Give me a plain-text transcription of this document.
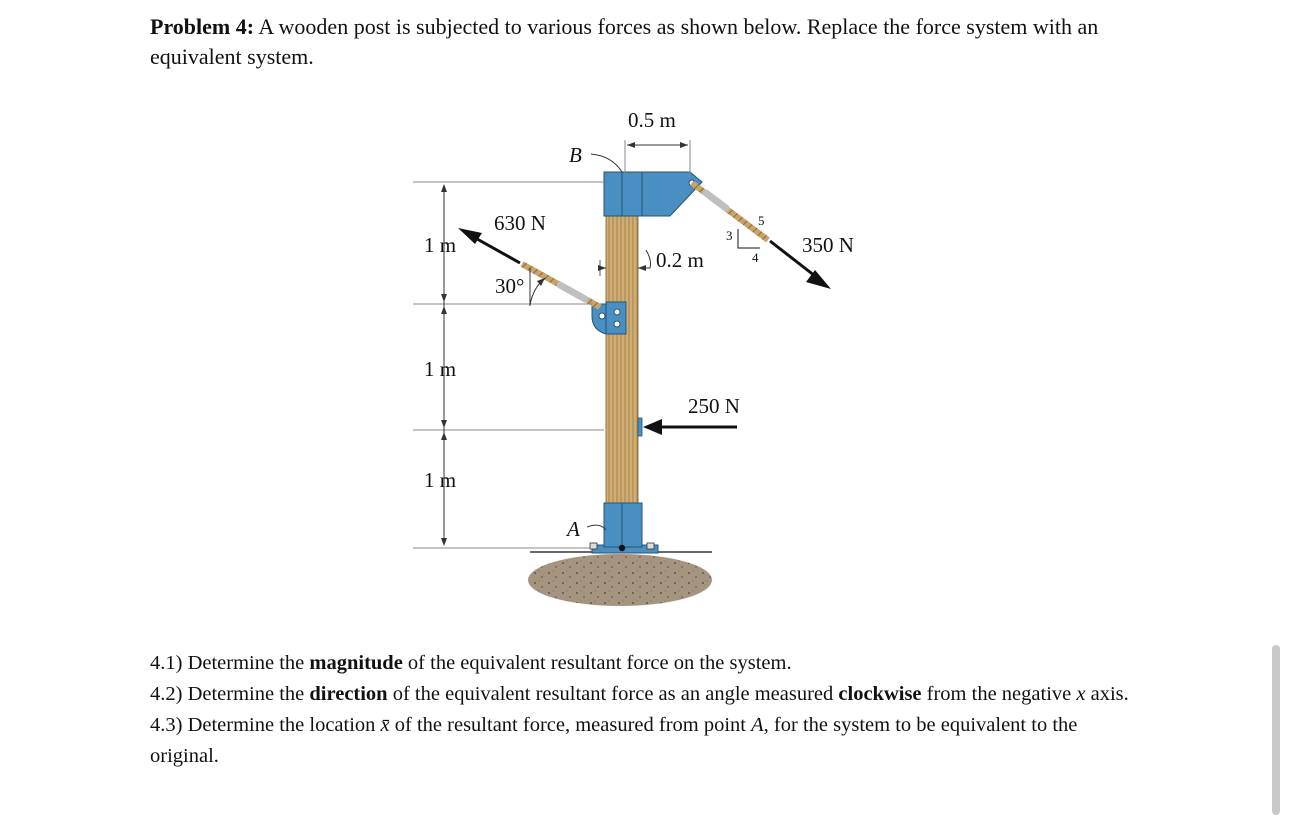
Problem 4: A wooden post is subjected to various forces as shown below. Replace the force system with an equivalent system.
0.5 m
B
630 N
1 m
0.2 m
3
4
5
350 N
30°
1 m
250 N
1 m
A
4.1) Determine the magnitude of the equivalent resultant force on the system.
4.2) Determine the direction of the equivalent resultant force as an angle measured clockwise from the negative x axis.
4.3) Determine the location x̄ of the resultant force, measured from point A, for the system to be equivalent to the original.
